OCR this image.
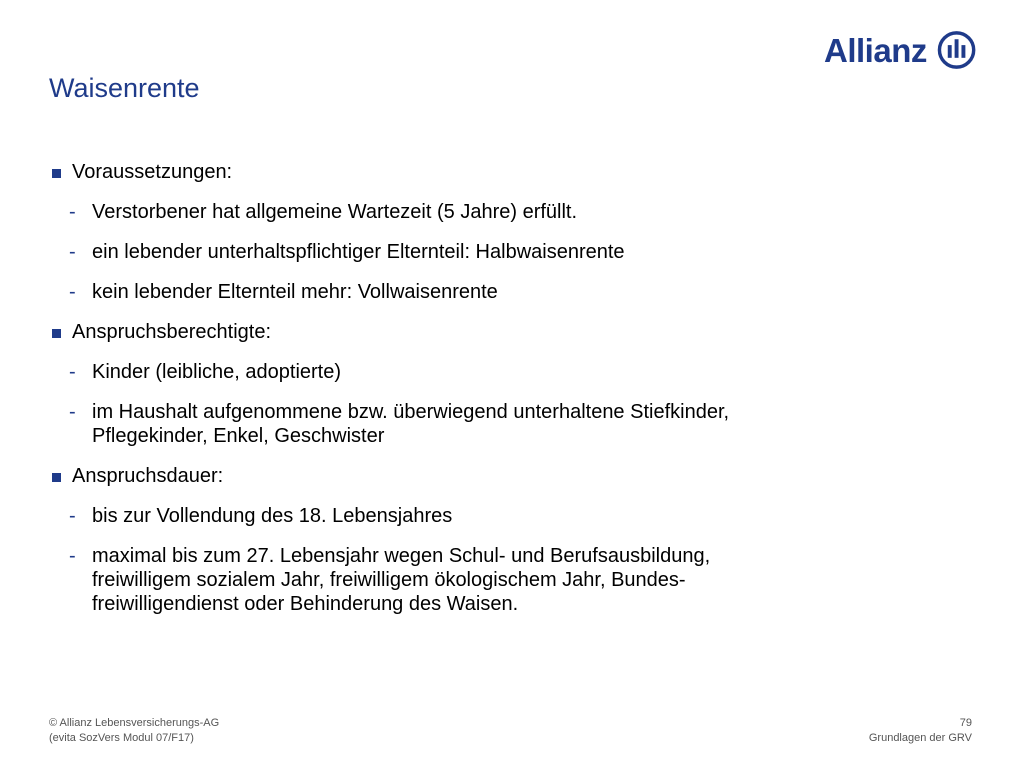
Allianz
Waisenrente
Voraussetzungen:
- Verstorbener hat allgemeine Wartezeit (5 Jahre) erfüllt.
- ein lebender unterhaltspflichtiger Elternteil: Halbwaisenrente
- kein lebender Elternteil mehr: Vollwaisenrente
Anspruchsberechtigte:
- Kinder (leibliche, adoptierte)
- im Haushalt aufgenommene bzw. überwiegend unterhaltene Stiefkinder,
Pflegekinder, Enkel, Geschwister
Anspruchsdauer:
- bis zur Vollendung des 18. Lebensjahres
- maximal bis zum 27. Lebensjahr wegen Schul- und Berufsausbildung,
freiwilligem sozialem Jahr, freiwilligem ökologischem Jahr, Bundes-
freiwilligendienst oder Behinderung des Waisen.
© Allianz Lebensversicherungs-AG
(evita SozVers Modul 07/F17)
79
Grundlagen der GRV
